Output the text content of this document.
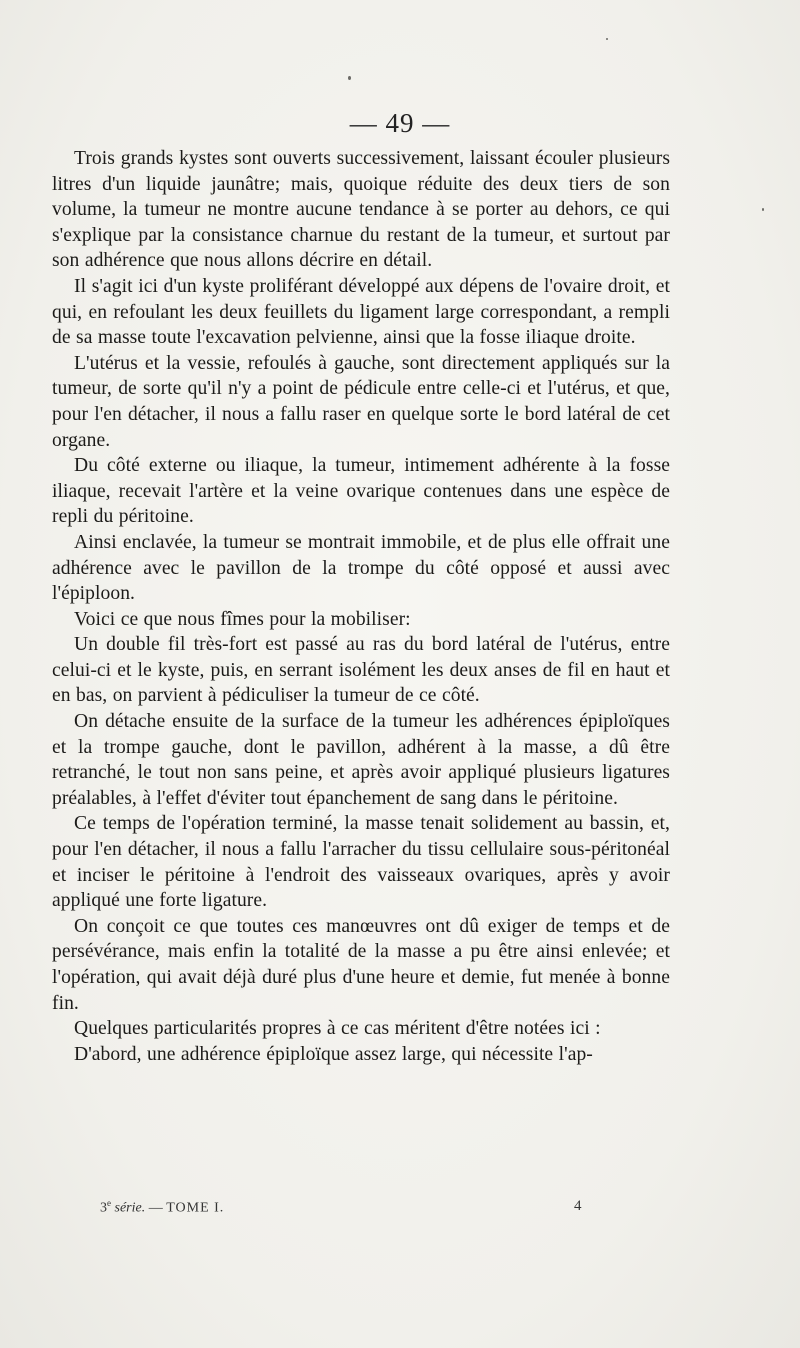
— 49 —

Trois grands kystes sont ouverts successivement, laissant écouler plusieurs litres d'un liquide jaunâtre; mais, quoique réduite des deux tiers de son volume, la tumeur ne montre aucune tendance à se porter au dehors, ce qui s'explique par la consistance charnue du restant de la tumeur, et surtout par son adhérence que nous allons décrire en détail.

Il s'agit ici d'un kyste proliférant développé aux dépens de l'ovaire droit, et qui, en refoulant les deux feuillets du ligament large correspondant, a rempli de sa masse toute l'excavation pelvienne, ainsi que la fosse iliaque droite.

L'utérus et la vessie, refoulés à gauche, sont directement appliqués sur la tumeur, de sorte qu'il n'y a point de pédicule entre celle-ci et l'utérus, et que, pour l'en détacher, il nous a fallu raser en quelque sorte le bord latéral de cet organe.

Du côté externe ou iliaque, la tumeur, intimement adhérente à la fosse iliaque, recevait l'artère et la veine ovarique contenues dans une espèce de repli du péritoine.

Ainsi enclavée, la tumeur se montrait immobile, et de plus elle offrait une adhérence avec le pavillon de la trompe du côté opposé et aussi avec l'épiploon.

Voici ce que nous fîmes pour la mobiliser:

Un double fil très-fort est passé au ras du bord latéral de l'utérus, entre celui-ci et le kyste, puis, en serrant isolément les deux anses de fil en haut et en bas, on parvient à pédiculiser la tumeur de ce côté.

On détache ensuite de la surface de la tumeur les adhérences épiploïques et la trompe gauche, dont le pavillon, adhérent à la masse, a dû être retranché, le tout non sans peine, et après avoir appliqué plusieurs ligatures préalables, à l'effet d'éviter tout épanchement de sang dans le péritoine.

Ce temps de l'opération terminé, la masse tenait solidement au bassin, et, pour l'en détacher, il nous a fallu l'arracher du tissu cellulaire sous-péritonéal et inciser le péritoine à l'endroit des vaisseaux ovariques, après y avoir appliqué une forte ligature.

On conçoit ce que toutes ces manœuvres ont dû exiger de temps et de persévérance, mais enfin la totalité de la masse a pu être ainsi enlevée; et l'opération, qui avait déjà duré plus d'une heure et demie, fut menée à bonne fin.

Quelques particularités propres à ce cas méritent d'être notées ici :

D'abord, une adhérence épiploïque assez large, qui nécessite l'ap-

3e série. — TOME I.	4
